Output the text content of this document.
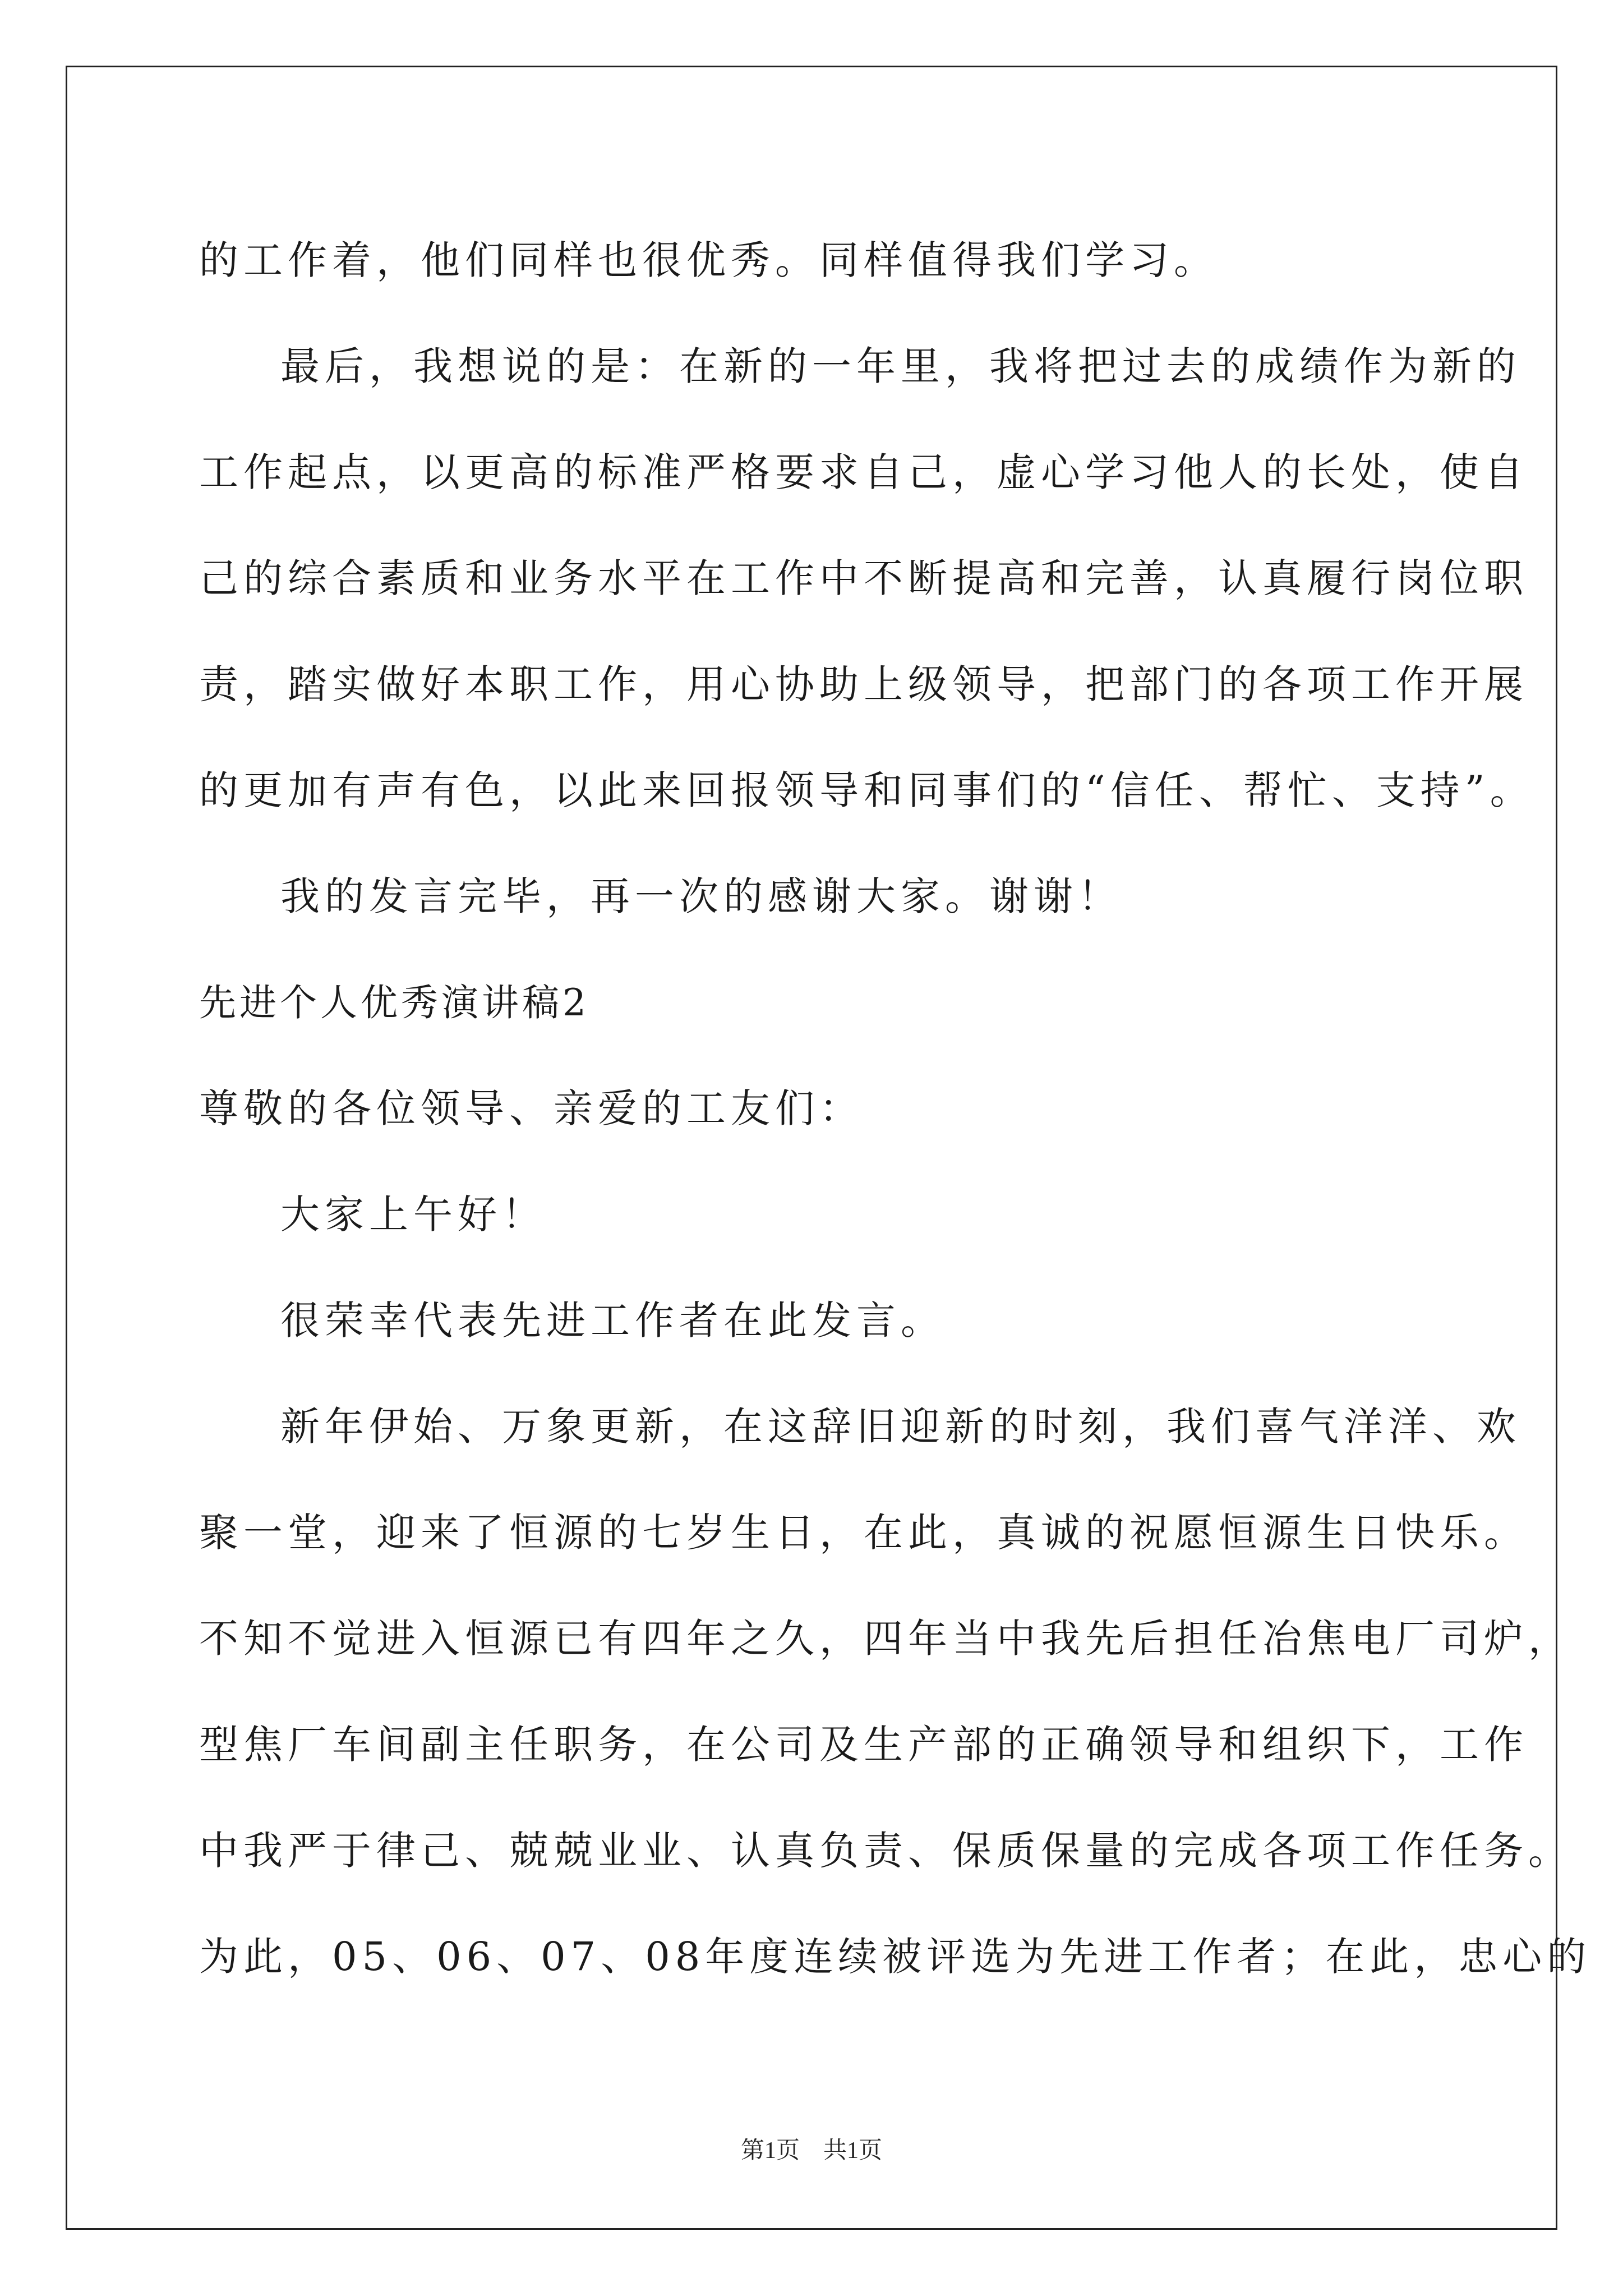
的工作着，他们同样也很优秀。同样值得我们学习。
最后，我想说的是：在新的一年里，我将把过去的成绩作为新的
工作起点，以更高的标准严格要求自己，虚心学习他人的长处，使自
己的综合素质和业务水平在工作中不断提高和完善，认真履行岗位职
责，踏实做好本职工作，用心协助上级领导，把部门的各项工作开展
的更加有声有色，以此来回报领导和同事们的“信任、帮忙、支持”。
我的发言完毕，再一次的感谢大家。谢谢！
先进个人优秀演讲稿2
尊敬的各位领导、亲爱的工友们：
大家上午好！
很荣幸代表先进工作者在此发言。
新年伊始、万象更新，在这辞旧迎新的时刻，我们喜气洋洋、欢
聚一堂，迎来了恒源的七岁生日，在此，真诚的祝愿恒源生日快乐。
不知不觉进入恒源已有四年之久，四年当中我先后担任冶焦电厂司炉，
型焦厂车间副主任职务，在公司及生产部的正确领导和组织下，工作
中我严于律己、兢兢业业、认真负责、保质保量的完成各项工作任务。
为此，05、06、07、08年度连续被评选为先进工作者；在此，忠心的
第1页　共1页
